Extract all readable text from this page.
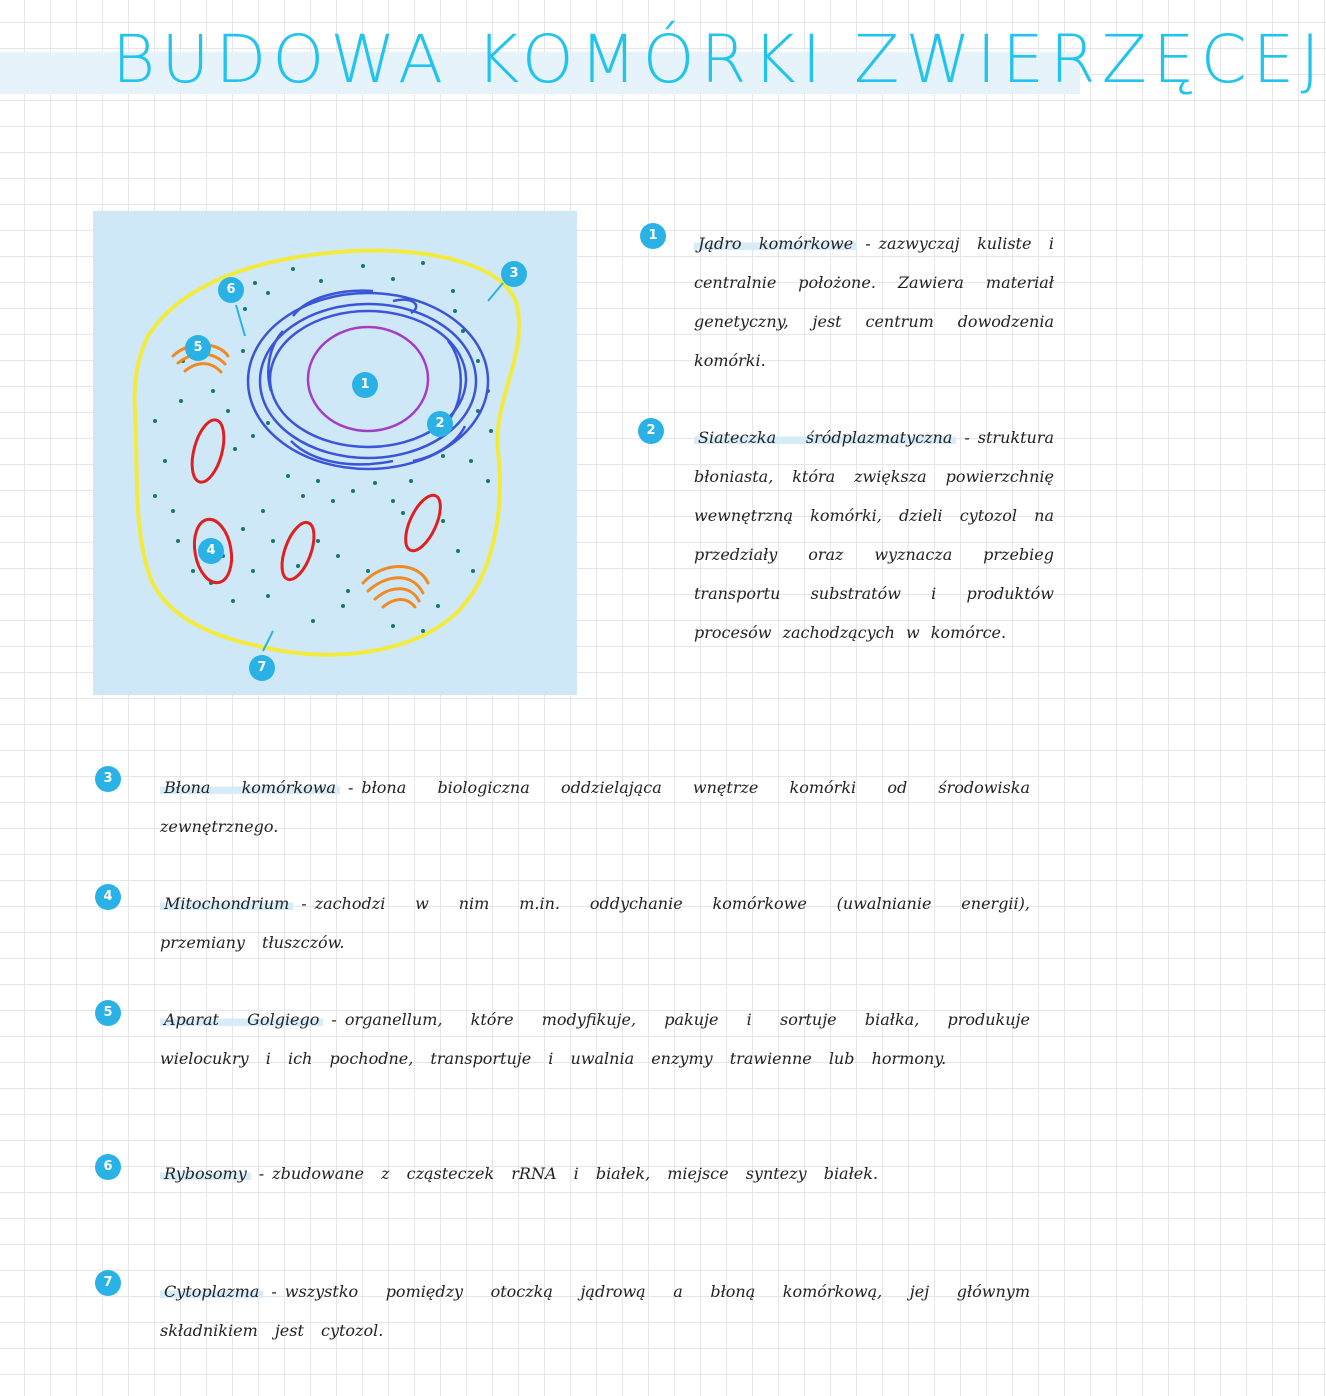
BUDOWA KOMÓRKI ZWIERZĘCEJ
1
2
3
4
5
6
7
1	Jądro komórkowe - zazwyczaj kuliste i centralnie położone. Zawiera materiał genetyczny, jest centrum dowodzenia komórki.
2	Siateczka śródplazmatyczna - struktura błoniasta, która zwiększa powierzchnię wewnętrzną komórki, dzieli cytozol na przedziały oraz wyznacza przebieg transportu substratów i produktów procesów zachodzących w komórce.
3	Błona komórkowa - błona biologiczna oddzielająca wnętrze komórki od środowiska zewnętrznego.
4	Mitochondrium - zachodzi w nim m.in. oddychanie komórkowe (uwalnianie energii), przemiany tłuszczów.
5	Aparat Golgiego - organellum, które modyfikuje, pakuje i sortuje białka, produkuje wielocukry i ich pochodne, transportuje i uwalnia enzymy trawienne lub hormony.
6	Rybosomy - zbudowane z cząsteczek rRNA i białek, miejsce syntezy białek.
7	Cytoplazma - wszystko pomiędzy otoczką jądrową a błoną komórkową, jej głównym składnikiem jest cytozol.
